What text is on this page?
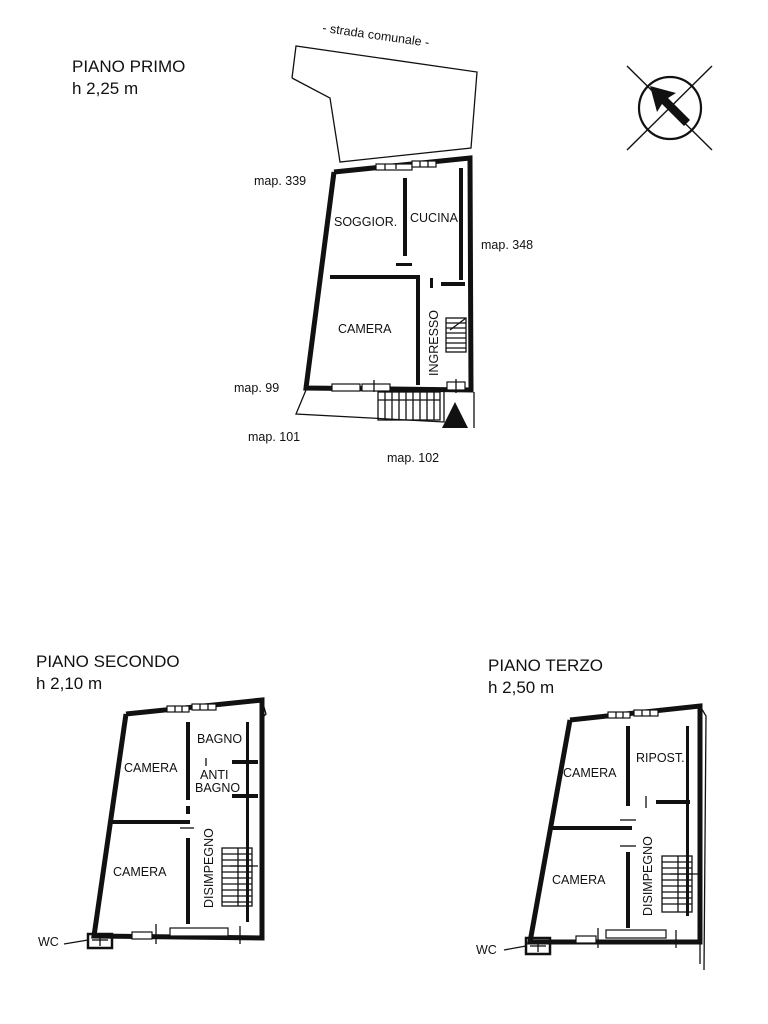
PIANO PRIMO
h 2,25 m
PIANO SECONDO
h 2,10 m
PIANO TERZO
h 2,50 m
- strada comunale -
SOGGIOR. CUCINA
CAMERA	INGRESSO
map. 339
map. 348
map. 99
map. 101
map. 102
CAMERA
BAGNO
ANTI
BAGNO
CAMERA	DISIMPEGNO
WC
CAMERA
RIPOST.
CAMERA	DISIMPEGNO
WC
